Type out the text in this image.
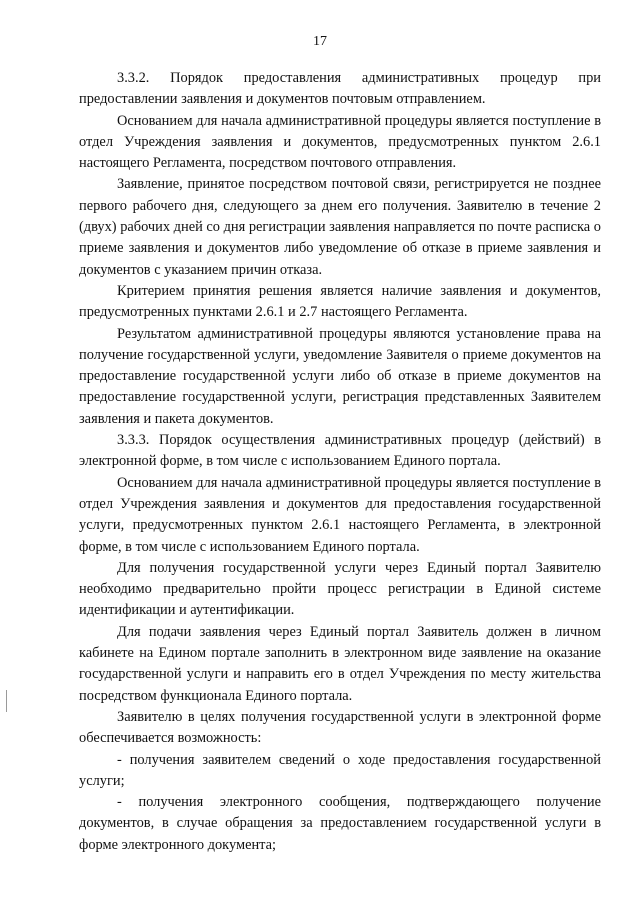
17

3.3.2. Порядок предоставления административных процедур при предоставлении заявления и документов почтовым отправлением.

Основанием для начала административной процедуры является поступление в отдел Учреждения заявления и документов, предусмотренных пунктом 2.6.1 настоящего Регламента, посредством почтового отправления.

Заявление, принятое посредством почтовой связи, регистрируется не позднее первого рабочего дня, следующего за днем его получения. Заявителю в течение 2 (двух) рабочих дней со дня регистрации заявления направляется по почте расписка о приеме заявления и документов либо уведомление об отказе в приеме заявления и документов с указанием причин отказа.

Критерием принятия решения является наличие заявления и документов, предусмотренных пунктами 2.6.1 и 2.7 настоящего Регламента.

Результатом административной процедуры являются установление права на получение государственной услуги, уведомление Заявителя о приеме документов на предоставление государственной услуги либо об отказе в приеме документов на предоставление государственной услуги, регистрация представленных Заявителем заявления и пакета документов.

3.3.3. Порядок осуществления административных процедур (действий) в электронной форме, в том числе с использованием Единого портала.

Основанием для начала административной процедуры является поступление в отдел Учреждения заявления и документов для предоставления государственной услуги, предусмотренных пунктом 2.6.1 настоящего Регламента, в электронной форме, в том числе с использованием Единого портала.

Для получения государственной услуги через Единый портал Заявителю необходимо предварительно пройти процесс регистрации в Единой системе идентификации и аутентификации.

Для подачи заявления через Единый портал Заявитель должен в личном кабинете на Едином портале заполнить в электронном виде заявление на оказание государственной услуги и направить его в отдел Учреждения по месту жительства посредством функционала Единого портала.

Заявителю в целях получения государственной услуги в электронной форме обеспечивается возможность:

- получения заявителем сведений о ходе предоставления государственной услуги;

- получения электронного сообщения, подтверждающего получение документов, в случае обращения за предоставлением государственной услуги в форме электронного документа;
